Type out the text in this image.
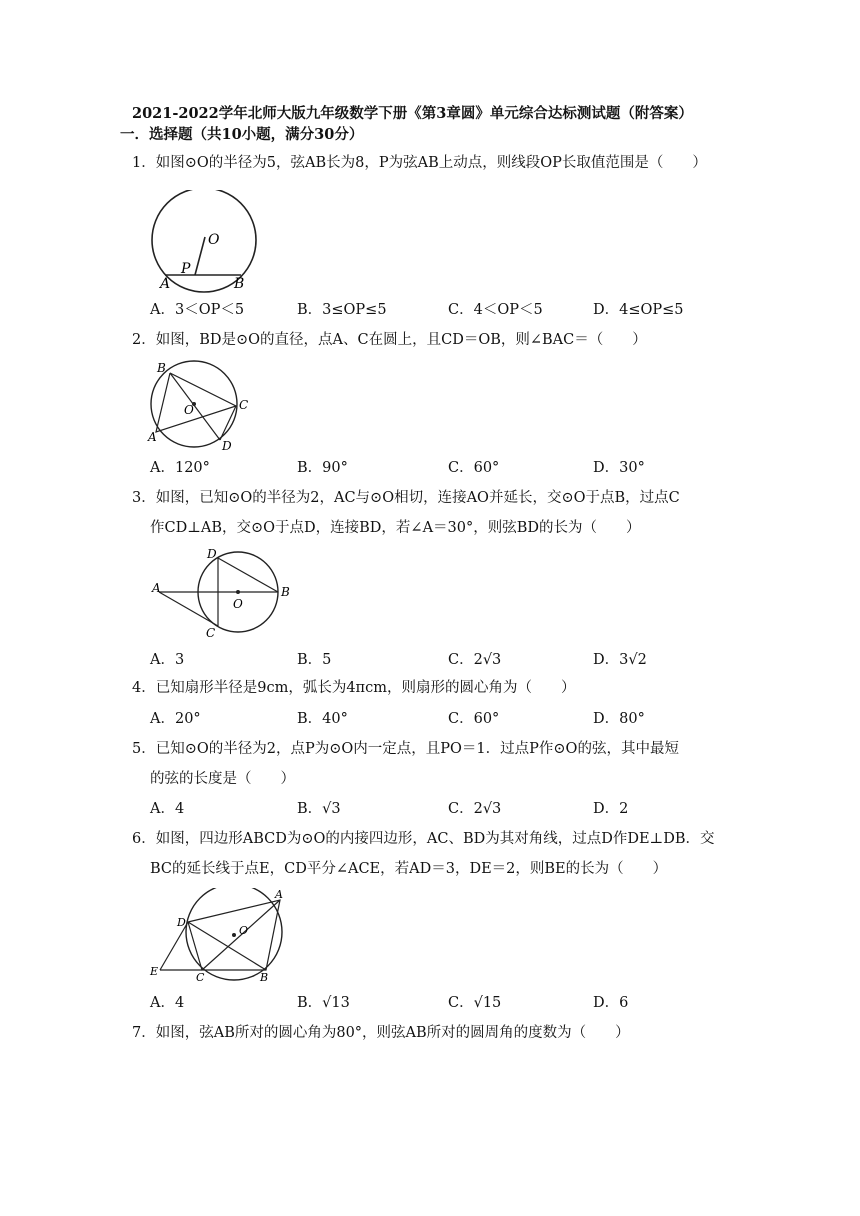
2021-2022学年北师大版九年级数学下册《第3章圆》单元综合达标测试题（附答案）
一．选择题（共10小题，满分30分）
1．如图⊙O的半径为5，弦AB长为8，P为弦AB上动点，则线段OP长取值范围是（　　）
O
P
A	B
A．3＜OP＜5	B．3≤OP≤5	C．4＜OP＜5	D．4≤OP≤5
2．如图，BD是⊙O的直径，点A、C在圆上，且CD＝OB，则∠BAC＝（　　）
B
O	C
A
D
A．120°	B．90°	C．60°	D．30°
3．如图，已知⊙O的半径为2，AC与⊙O相切，连接AO并延长，交⊙O于点B，过点C
作CD⊥AB，交⊙O于点D，连接BD，若∠A＝30°，则弦BD的长为（　　）
D
A
O
B
C
A．3	B．5	C．2√3	D．3√2
4．已知扇形半径是9cm，弧长为4πcm，则扇形的圆心角为（　　）
A．20°	B．40°	C．60°	D．80°
5．已知⊙O的半径为2，点P为⊙O内一定点，且PO＝1．过点P作⊙O的弦，其中最短
的弦的长度是（　　）
A．4	B．√3	C．2√3	D．2
6．如图，四边形ABCD为⊙O的内接四边形，AC、BD为其对角线，过点D作DE⊥DB．交
BC的延长线于点E，CD平分∠ACE，若AD＝3，DE＝2，则BE的长为（　　）
D
A
O
E	C	B
A．4	B．√13	C．√15	D．6
7．如图，弦AB所对的圆心角为80°，则弦AB所对的圆周角的度数为（　　）
